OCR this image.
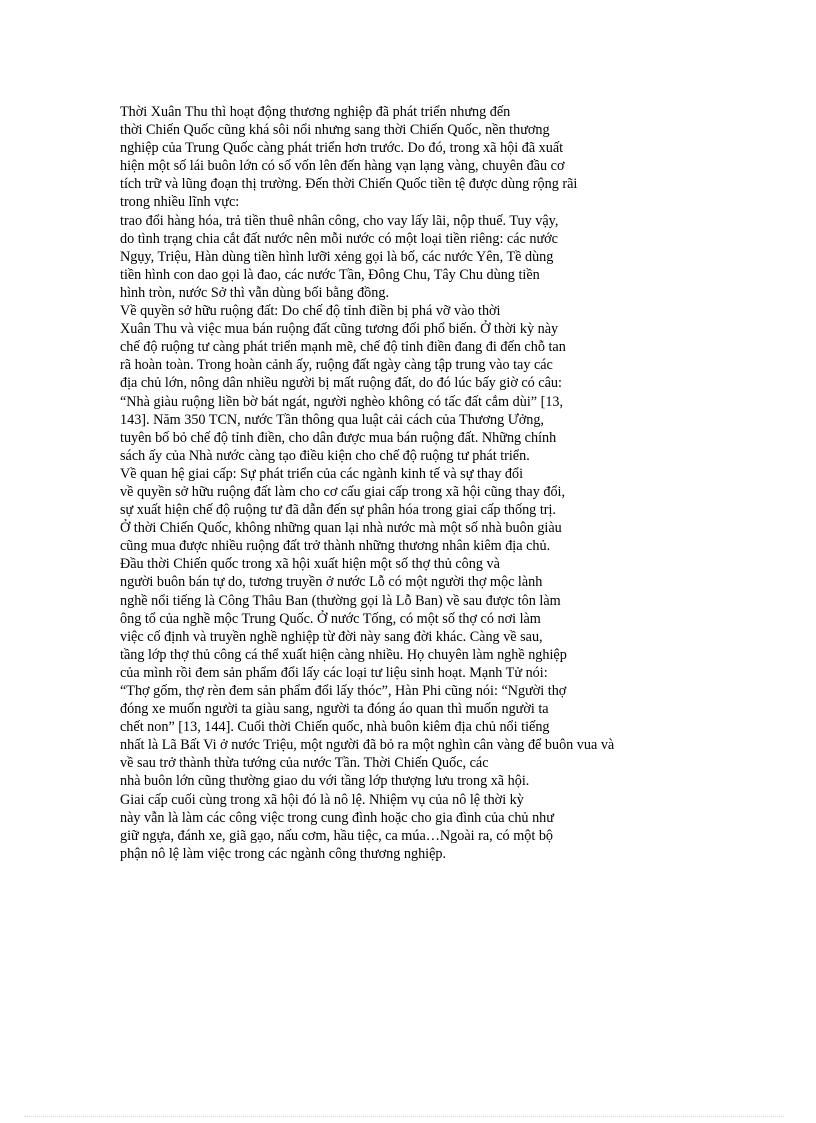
Thời Xuân Thu thì hoạt động thương nghiệp đã phát triển nhưng đến
thời Chiến Quốc cũng khá sôi nổi nhưng sang thời Chiến Quốc, nền thương
nghiệp của Trung Quốc càng phát triển hơn trước. Do đó, trong xã hội đã xuất
hiện một số lái buôn lớn có số vốn lên đến hàng vạn lạng vàng, chuyên đầu cơ
tích trữ và lũng đoạn thị trường. Đến thời Chiến Quốc tiền tệ được dùng rộng rãi
trong nhiều lĩnh vực:
trao đổi hàng hóa, trả tiền thuê nhân công, cho vay lấy lãi, nộp thuế. Tuy vậy,
do tình trạng chia cắt đất nước nên mỗi nước có một loại tiền riêng: các nước
Ngụy, Triệu, Hàn dùng tiền hình lưỡi xẻng gọi là bố, các nước Yên, Tề dùng
tiền hình con dao gọi là đao, các nước Tần, Đông Chu, Tây Chu dùng tiền
hình tròn, nước Sở thì vẫn dùng bối bằng đồng.
Về quyền sở hữu ruộng đất: Do chế độ tỉnh điền bị phá vỡ vào thời
Xuân Thu và việc mua bán ruộng đất cũng tương đối phổ biến. Ở thời kỳ này
chế độ ruộng tư càng phát triển mạnh mẽ, chế độ tỉnh điền đang đi đến chỗ tan
rã hoàn toàn. Trong hoàn cảnh ấy, ruộng đất ngày càng tập trung vào tay các
địa chủ lớn, nông dân nhiều người bị mất ruộng đất, do đó lúc bấy giờ có câu:
“Nhà giàu ruộng liền bờ bát ngát, người nghèo không có tấc đất cắm dùi” [13,
143]. Năm 350 TCN, nước Tần thông qua luật cải cách của Thương Ưởng,
tuyên bố bỏ chế độ tỉnh điền, cho dân được mua bán ruộng đất. Những chính
sách ấy của Nhà nước càng tạo điều kiện cho chế độ ruộng tư phát triển.
Về quan hệ giai cấp: Sự phát triển của các ngành kinh tế và sự thay đổi
về quyền sở hữu ruộng đất làm cho cơ cấu giai cấp trong xã hội cũng thay đổi,
sự xuất hiện chế độ ruộng tư đã dẫn đến sự phân hóa trong giai cấp thống trị.
Ở thời Chiến Quốc, không những quan lại nhà nước mà một số nhà buôn giàu
cũng mua được nhiều ruộng đất trở thành những thương nhân kiêm địa chủ.
Đầu thời Chiến quốc trong xã hội xuất hiện một số thợ thủ công và
người buôn bán tự do, tương truyền ở nước Lỗ có một người thợ mộc lành
nghề nổi tiếng là Công Thâu Ban (thường gọi là Lỗ Ban) về sau được tôn làm
ông tổ của nghề mộc Trung Quốc. Ở nước Tống, có một số thợ có nơi làm
việc cố định và truyền nghề nghiệp từ đời này sang đời khác. Càng về sau,
tầng lớp thợ thủ công cá thể xuất hiện càng nhiều. Họ chuyên làm nghề nghiệp
của mình rồi đem sản phẩm đổi lấy các loại tư liệu sinh hoạt. Mạnh Tử nói:
“Thợ gốm, thợ rèn đem sản phẩm đổi lấy thóc”, Hàn Phi cũng nói: “Người thợ
đóng xe muốn người ta giàu sang, người ta đóng áo quan thì muốn người ta
chết non” [13, 144]. Cuối thời Chiến quốc, nhà buôn kiêm địa chủ nổi tiếng
nhất là Lã Bất Vi ở nước Triệu, một người đã bỏ ra một nghìn cân vàng để buôn vua và
về sau trở thành thừa tướng của nước Tần. Thời Chiến Quốc, các
nhà buôn lớn cũng thường giao du với tầng lớp thượng lưu trong xã hội.
Giai cấp cuối cùng trong xã hội đó là nô lệ. Nhiệm vụ của nô lệ thời kỳ
này vẫn là làm các công việc trong cung đình hoặc cho gia đình của chủ như
giữ ngựa, đánh xe, giã gạo, nấu cơm, hầu tiệc, ca múa…Ngoài ra, có một bộ
phận nô lệ làm việc trong các ngành công thương nghiệp.
